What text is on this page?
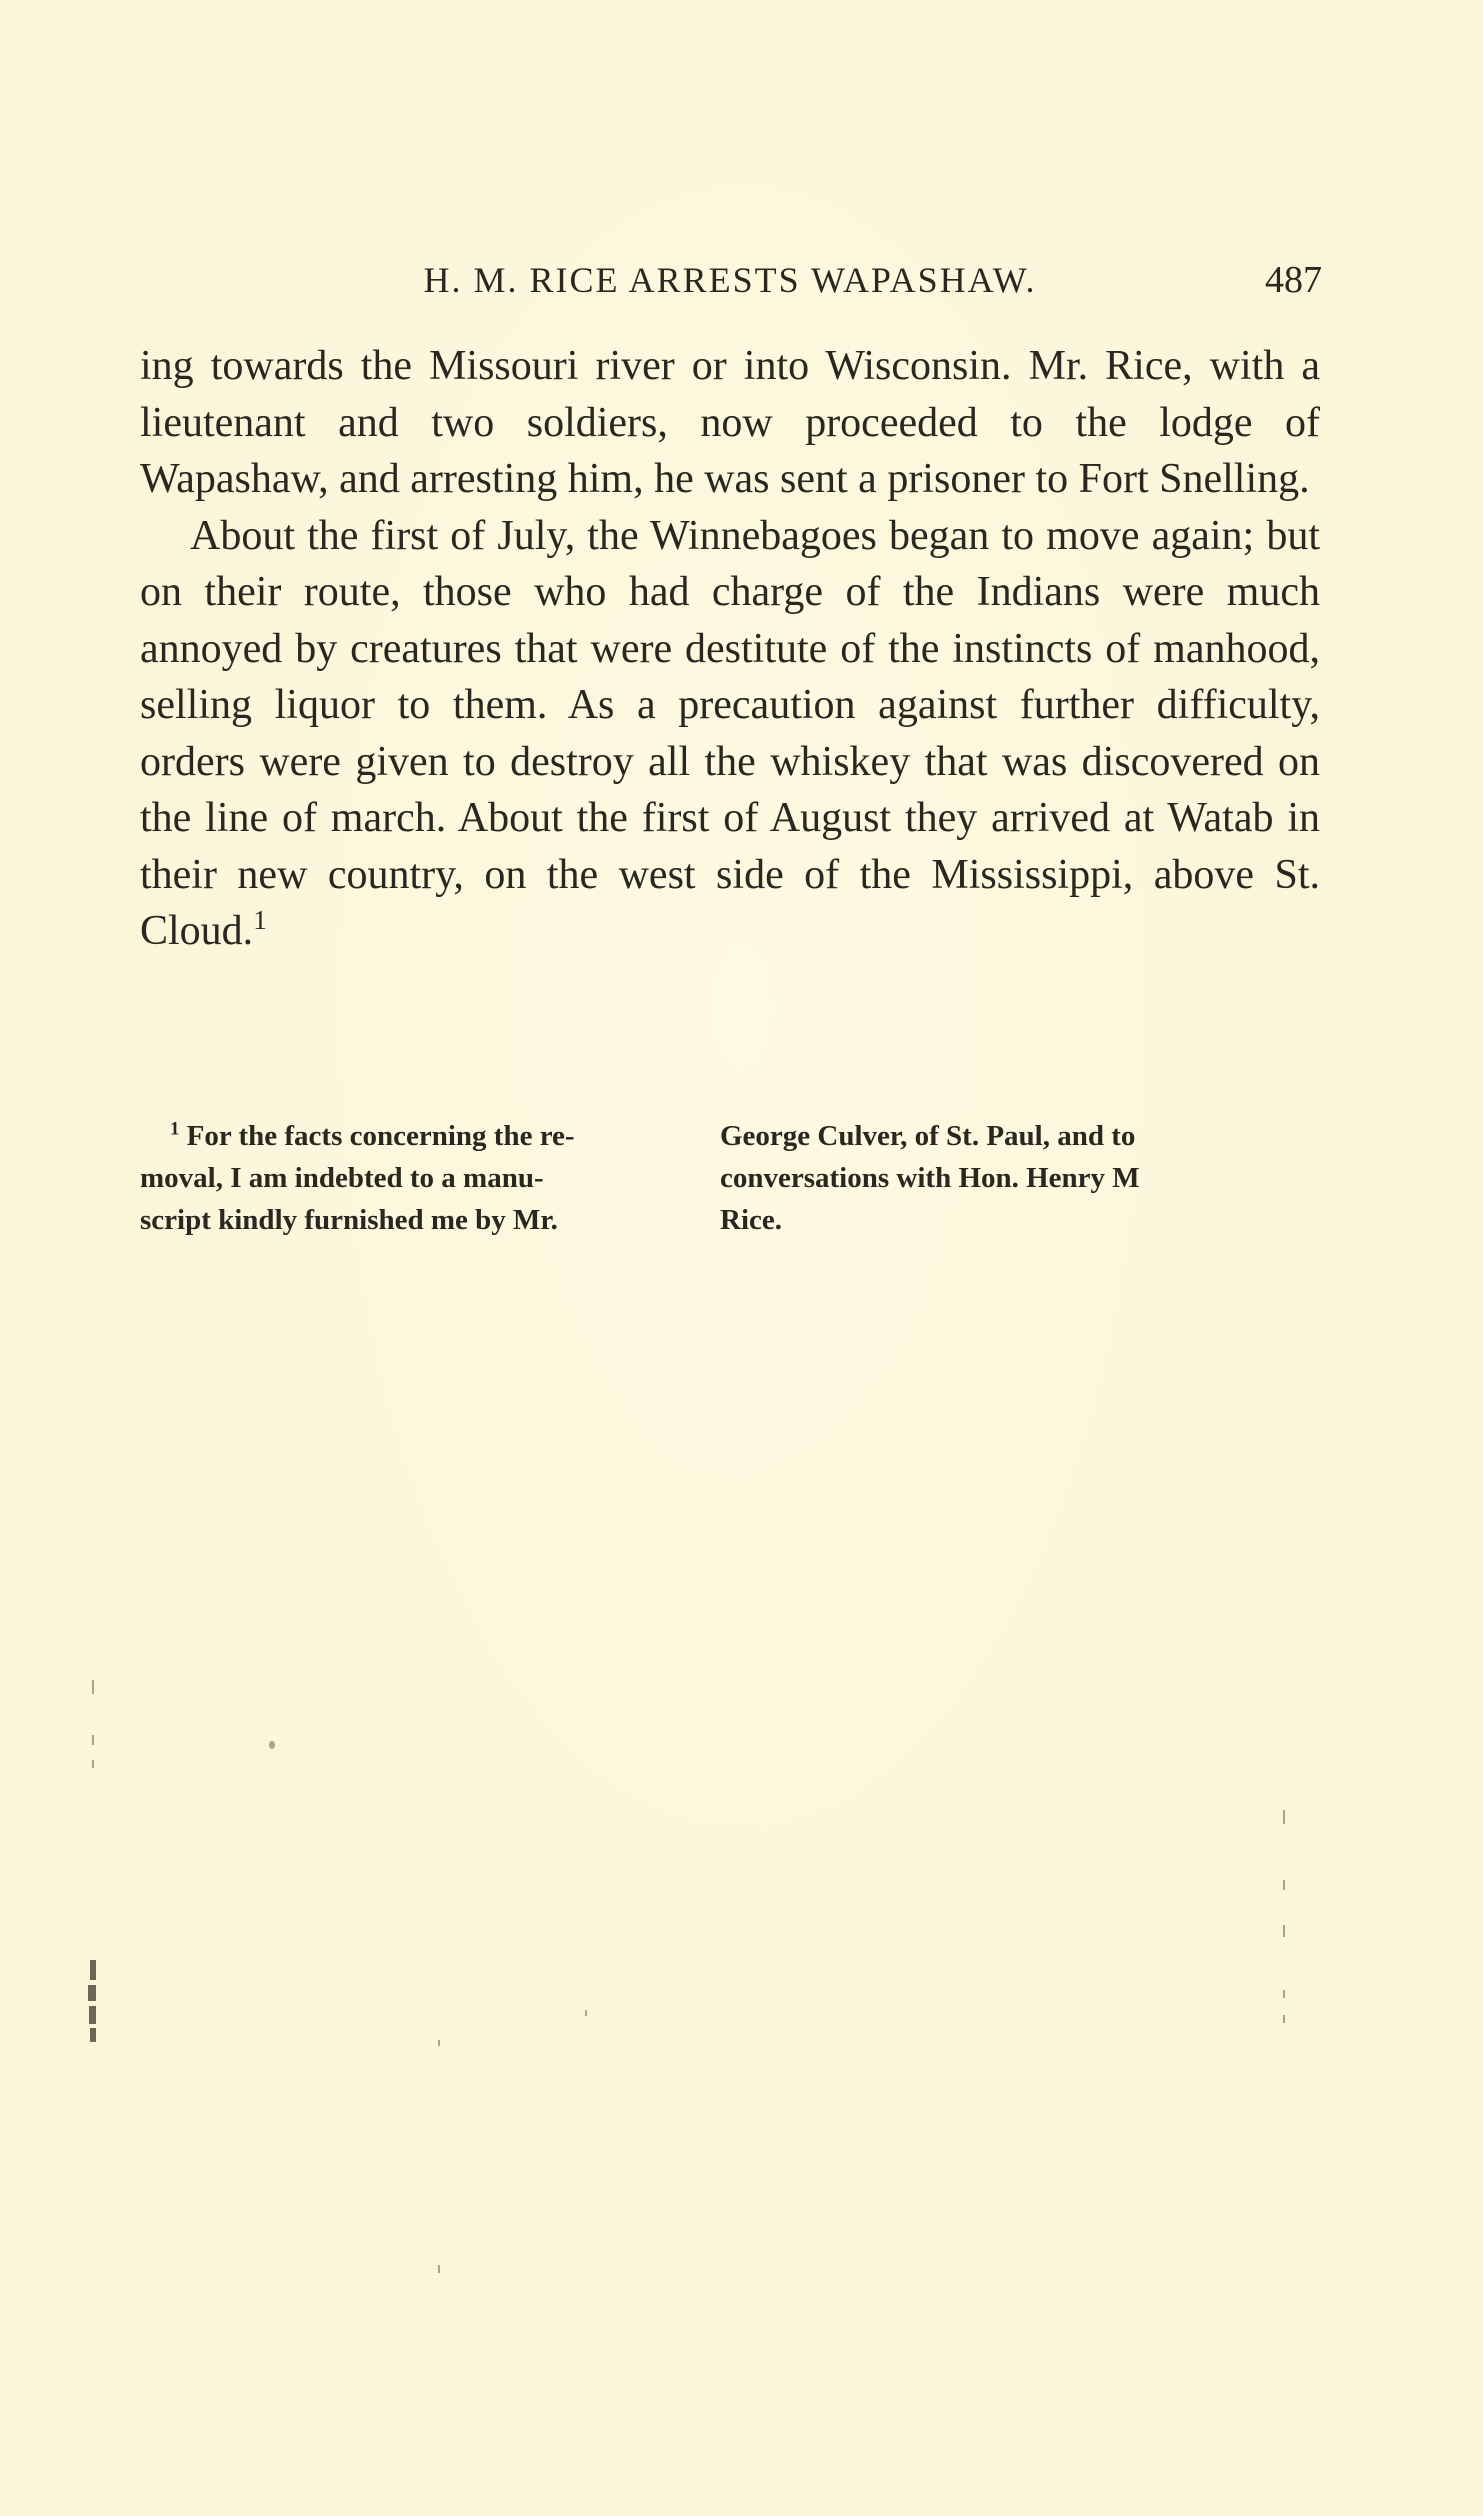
H. M. RICE ARRESTS WAPASHAW.	487

ing towards the Missouri river or into Wisconsin. Mr. Rice, with a lieutenant and two soldiers, now proceeded to the lodge of Wapashaw, and arresting him, he was sent a prisoner to Fort Snelling.

About the first of July, the Winnebagoes began to move again; but on their route, those who had charge of the Indians were much annoyed by creatures that were destitute of the instincts of manhood, selling liquor to them. As a precaution against further difficulty, orders were given to destroy all the whiskey that was discovered on the line of march. About the first of August they arrived at Watab in their new country, on the west side of the Mississippi, above St. Cloud.$^1$

$^1$ For the facts concerning the re-
moval, I am indebted to a manu-
script kindly furnished me by Mr.
George Culver, of St. Paul, and to
conversations with Hon. Henry M
Rice.
